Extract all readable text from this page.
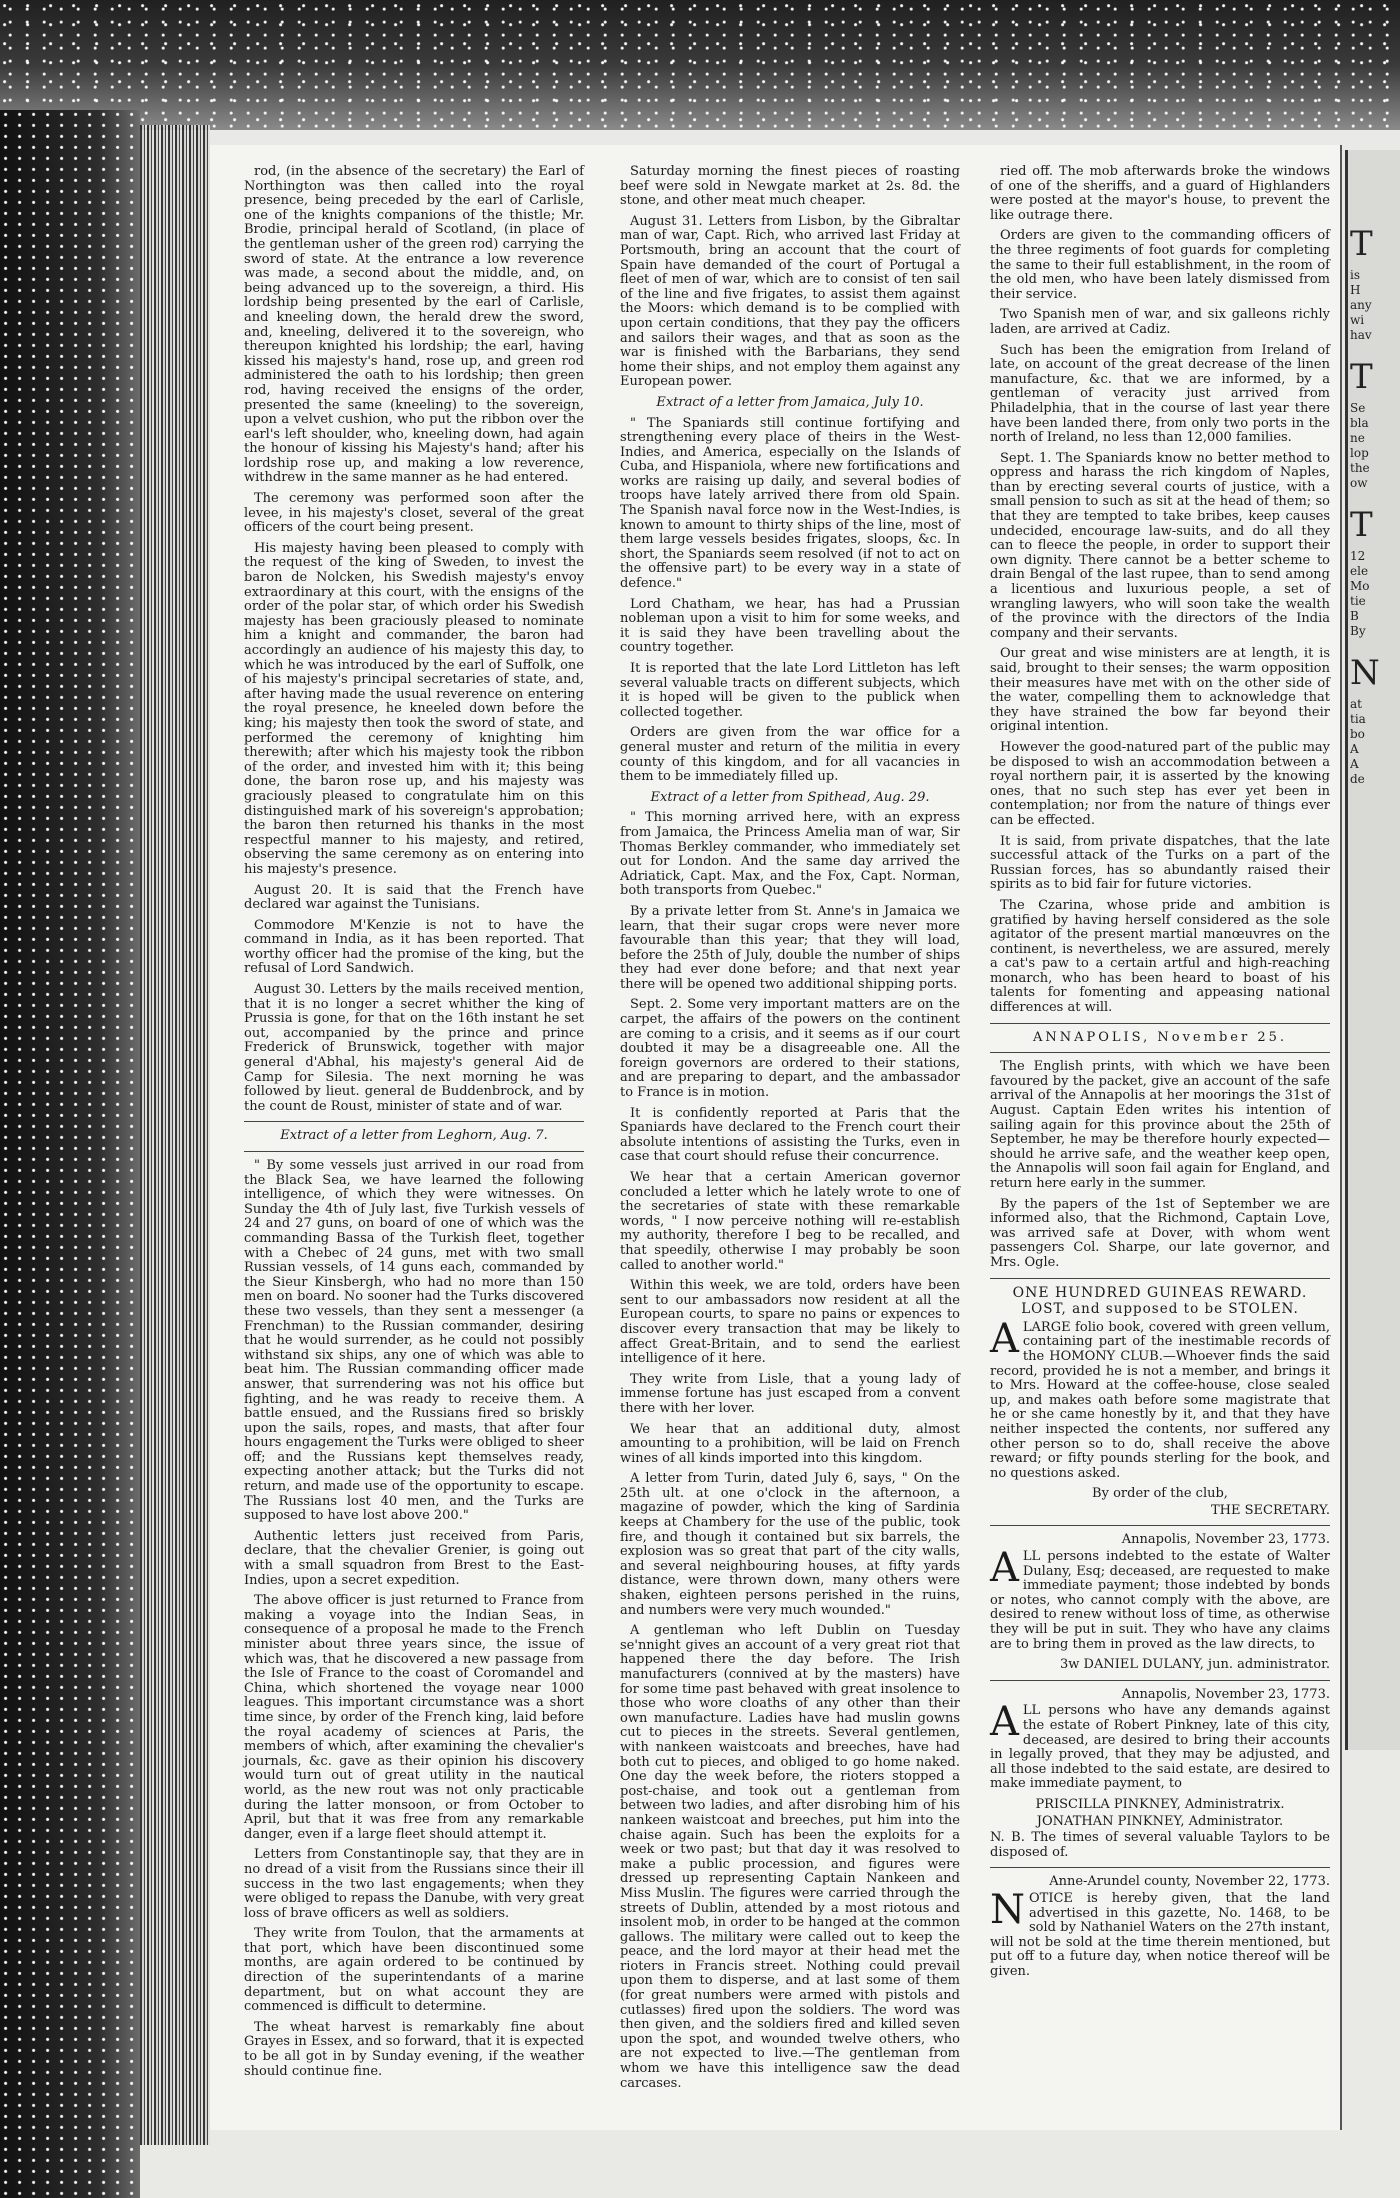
rod, (in the absence of the secretary) the Earl of Northington was then called into the royal presence, being preceded by the earl of Carlisle, one of the knights companions of the thistle; Mr. Brodie, principal herald of Scotland, (in place of the gentleman usher of the green rod) carrying the sword of state. At the entrance a low reverence was made, a second about the middle, and, on being advanced up to the sovereign, a third. His lordship being presented by the earl of Carlisle, and kneeling down, the herald drew the sword, and, kneeling, delivered it to the sovereign, who thereupon knighted his lordship; the earl, having kissed his majesty's hand, rose up, and green rod administered the oath to his lordship; then green rod, having received the ensigns of the order, presented the same (kneeling) to the sovereign, upon a velvet cushion, who put the ribbon over the earl's left shoulder, who, kneeling down, had again the honour of kissing his Majesty's hand; after his lordship rose up, and making a low reverence, withdrew in the same manner as he had entered.

The ceremony was performed soon after the levee, in his majesty's closet, several of the great officers of the court being present.

His majesty having been pleased to comply with the request of the king of Sweden, to invest the baron de Nolcken, his Swedish majesty's envoy extraordinary at this court, with the ensigns of the order of the polar star, of which order his Swedish majesty has been graciously pleased to nominate him a knight and commander, the baron had accordingly an audience of his majesty this day, to which he was introduced by the earl of Suffolk, one of his majesty's principal secretaries of state, and, after having made the usual reverence on entering the royal presence, he kneeled down before the king; his majesty then took the sword of state, and performed the ceremony of knighting him therewith; after which his majesty took the ribbon of the order, and invested him with it; this being done, the baron rose up, and his majesty was graciously pleased to congratulate him on this distinguished mark of his sovereign's approbation; the baron then returned his thanks in the most respectful manner to his majesty, and retired, observing the same ceremony as on entering into his majesty's presence.

August 20. It is said that the French have declared war against the Tunisians.

Commodore M'Kenzie is not to have the command in India, as it has been reported. That worthy officer had the promise of the king, but the refusal of Lord Sandwich.

August 30. Letters by the mails received mention, that it is no longer a secret whither the king of Prussia is gone, for that on the 16th instant he set out, accompanied by the prince and prince Frederick of Brunswick, together with major general d'Abhal, his majesty's general Aid de Camp for Silesia. The next morning he was followed by lieut. general de Buddenbrock, and by the count de Roust, minister of state and of war.

Extract of a letter from Leghorn, Aug. 7.

" By some vessels just arrived in our road from the Black Sea, we have learned the following intelligence, of which they were witnesses. On Sunday the 4th of July last, five Turkish vessels of 24 and 27 guns, on board of one of which was the commanding Bassa of the Turkish fleet, together with a Chebec of 24 guns, met with two small Russian vessels, of 14 guns each, commanded by the Sieur Kinsbergh, who had no more than 150 men on board. No sooner had the Turks discovered these two vessels, than they sent a messenger (a Frenchman) to the Russian commander, desiring that he would surrender, as he could not possibly withstand six ships, any one of which was able to beat him. The Russian commanding officer made answer, that surrendering was not his office but fighting, and he was ready to receive them. A battle ensued, and the Russians fired so briskly upon the sails, ropes, and masts, that after four hours engagement the Turks were obliged to sheer off; and the Russians kept themselves ready, expecting another attack; but the Turks did not return, and made use of the opportunity to escape. The Russians lost 40 men, and the Turks are supposed to have lost above 200."

Authentic letters just received from Paris, declare, that the chevalier Grenier, is going out with a small squadron from Brest to the East-Indies, upon a secret expedition.

The above officer is just returned to France from making a voyage into the Indian Seas, in consequence of a proposal he made to the French minister about three years since, the issue of which was, that he discovered a new passage from the Isle of France to the coast of Coromandel and China, which shortened the voyage near 1000 leagues. This important circumstance was a short time since, by order of the French king, laid before the royal academy of sciences at Paris, the members of which, after examining the chevalier's journals, &c. gave as their opinion his discovery would turn out of great utility in the nautical world, as the new rout was not only practicable during the latter monsoon, or from October to April, but that it was free from any remarkable danger, even if a large fleet should attempt it.

Letters from Constantinople say, that they are in no dread of a visit from the Russians since their ill success in the two last engagements; when they were obliged to repass the Danube, with very great loss of brave officers as well as soldiers.

They write from Toulon, that the armaments at that port, which have been discontinued some months, are again ordered to be continued by direction of the superintendants of a marine department, but on what account they are commenced is difficult to determine.

The wheat harvest is remarkably fine about Grayes in Essex, and so forward, that it is expected to be all got in by Sunday evening, if the weather should continue fine.

Saturday morning the finest pieces of roasting beef were sold in Newgate market at 2s. 8d. the stone, and other meat much cheaper.

August 31. Letters from Lisbon, by the Gibraltar man of war, Capt. Rich, who arrived last Friday at Portsmouth, bring an account that the court of Spain have demanded of the court of Portugal a fleet of men of war, which are to consist of ten sail of the line and five frigates, to assist them against the Moors: which demand is to be complied with upon certain conditions, that they pay the officers and sailors their wages, and that as soon as the war is finished with the Barbarians, they send home their ships, and not employ them against any European power.

Extract of a letter from Jamaica, July 10.

" The Spaniards still continue fortifying and strengthening every place of theirs in the West-Indies, and America, especially on the Islands of Cuba, and Hispaniola, where new fortifications and works are raising up daily, and several bodies of troops have lately arrived there from old Spain. The Spanish naval force now in the West-Indies, is known to amount to thirty ships of the line, most of them large vessels besides frigates, sloops, &c. In short, the Spaniards seem resolved (if not to act on the offensive part) to be every way in a state of defence."

Lord Chatham, we hear, has had a Prussian nobleman upon a visit to him for some weeks, and it is said they have been travelling about the country together.

It is reported that the late Lord Littleton has left several valuable tracts on different subjects, which it is hoped will be given to the publick when collected together.

Orders are given from the war office for a general muster and return of the militia in every county of this kingdom, and for all vacancies in them to be immediately filled up.

Extract of a letter from Spithead, Aug. 29.

" This morning arrived here, with an express from Jamaica, the Princess Amelia man of war, Sir Thomas Berkley commander, who immediately set out for London. And the same day arrived the Adriatick, Capt. Max, and the Fox, Capt. Norman, both transports from Quebec."

By a private letter from St. Anne's in Jamaica we learn, that their sugar crops were never more favourable than this year; that they will load, before the 25th of July, double the number of ships they had ever done before; and that next year there will be opened two additional shipping ports.

Sept. 2. Some very important matters are on the carpet, the affairs of the powers on the continent are coming to a crisis, and it seems as if our court doubted it may be a disagreeable one. All the foreign governors are ordered to their stations, and are preparing to depart, and the ambassador to France is in motion.

It is confidently reported at Paris that the Spaniards have declared to the French court their absolute intentions of assisting the Turks, even in case that court should refuse their concurrence.

We hear that a certain American governor concluded a letter which he lately wrote to one of the secretaries of state with these remarkable words, " I now perceive nothing will re-establish my authority, therefore I beg to be recalled, and that speedily, otherwise I may probably be soon called to another world."

Within this week, we are told, orders have been sent to our ambassadors now resident at all the European courts, to spare no pains or expences to discover every transaction that may be likely to affect Great-Britain, and to send the earliest intelligence of it here.

They write from Lisle, that a young lady of immense fortune has just escaped from a convent there with her lover.

We hear that an additional duty, almost amounting to a prohibition, will be laid on French wines of all kinds imported into this kingdom.

A letter from Turin, dated July 6, says, " On the 25th ult. at one o'clock in the afternoon, a magazine of powder, which the king of Sardinia keeps at Chambery for the use of the public, took fire, and though it contained but six barrels, the explosion was so great that part of the city walls, and several neighbouring houses, at fifty yards distance, were thrown down, many others were shaken, eighteen persons perished in the ruins, and numbers were very much wounded."

A gentleman who left Dublin on Tuesday se'nnight gives an account of a very great riot that happened there the day before. The Irish manufacturers (connived at by the masters) have for some time past behaved with great insolence to those who wore cloaths of any other than their own manufacture. Ladies have had muslin gowns cut to pieces in the streets. Several gentlemen, with nankeen waistcoats and breeches, have had both cut to pieces, and obliged to go home naked. One day the week before, the rioters stopped a post-chaise, and took out a gentleman from between two ladies, and after disrobing him of his nankeen waistcoat and breeches, put him into the chaise again. Such has been the exploits for a week or two past; but that day it was resolved to make a public procession, and figures were dressed up representing Captain Nankeen and Miss Muslin. The figures were carried through the streets of Dublin, attended by a most riotous and insolent mob, in order to be hanged at the common gallows. The military were called out to keep the peace, and the lord mayor at their head met the rioters in Francis street. Nothing could prevail upon them to disperse, and at last some of them (for great numbers were armed with pistols and cutlasses) fired upon the soldiers. The word was then given, and the soldiers fired and killed seven upon the spot, and wounded twelve others, who are not expected to live.—The gentleman from whom we have this intelligence saw the dead carcases.

ried off. The mob afterwards broke the windows of one of the sheriffs, and a guard of Highlanders were posted at the mayor's house, to prevent the like outrage there.

Orders are given to the commanding officers of the three regiments of foot guards for completing the same to their full establishment, in the room of the old men, who have been lately dismissed from their service.

Two Spanish men of war, and six galleons richly laden, are arrived at Cadiz.

Such has been the emigration from Ireland of late, on account of the great decrease of the linen manufacture, &c. that we are informed, by a gentleman of veracity just arrived from Philadelphia, that in the course of last year there have been landed there, from only two ports in the north of Ireland, no less than 12,000 families.

Sept. 1. The Spaniards know no better method to oppress and harass the rich kingdom of Naples, than by erecting several courts of justice, with a small pension to such as sit at the head of them; so that they are tempted to take bribes, keep causes undecided, encourage law-suits, and do all they can to fleece the people, in order to support their own dignity. There cannot be a better scheme to drain Bengal of the last rupee, than to send among a licentious and luxurious people, a set of wrangling lawyers, who will soon take the wealth of the province with the directors of the India company and their servants.

Our great and wise ministers are at length, it is said, brought to their senses; the warm opposition their measures have met with on the other side of the water, compelling them to acknowledge that they have strained the bow far beyond their original intention.

However the good-natured part of the public may be disposed to wish an accommodation between a royal northern pair, it is asserted by the knowing ones, that no such step has ever yet been in contemplation; nor from the nature of things ever can be effected.

It is said, from private dispatches, that the late successful attack of the Turks on a part of the Russian forces, has so abundantly raised their spirits as to bid fair for future victories.

The Czarina, whose pride and ambition is gratified by having herself considered as the sole agitator of the present martial manœuvres on the continent, is nevertheless, we are assured, merely a cat's paw to a certain artful and high-reaching monarch, who has been heard to boast of his talents for fomenting and appeasing national differences at will.

ANNAPOLIS, November 25.

The English prints, with which we have been favoured by the packet, give an account of the safe arrival of the Annapolis at her moorings the 31st of August. Captain Eden writes his intention of sailing again for this province about the 25th of September, he may be therefore hourly expected—should he arrive safe, and the weather keep open, the Annapolis will soon fail again for England, and return here early in the summer.

By the papers of the 1st of September we are informed also, that the Richmond, Captain Love, was arrived safe at Dover, with whom went passengers Col. Sharpe, our late governor, and Mrs. Ogle.

ONE HUNDRED GUINEAS REWARD.
LOST, and supposed to be STOLEN.

ALARGE folio book, covered with green vellum, containing part of the inestimable records of the HOMONY CLUB.—Whoever finds the said record, provided he is not a member, and brings it to Mrs. Howard at the coffee-house, close sealed up, and makes oath before some magistrate that he or she came honestly by it, and that they have neither inspected the contents, nor suffered any other person so to do, shall receive the above reward; or fifty pounds sterling for the book, and no questions asked.

By order of the club,
THE SECRETARY.
Annapolis, November 23, 1773.

ALL persons indebted to the estate of Walter Dulany, Esq; deceased, are requested to make immediate payment; those indebted by bonds or notes, who cannot comply with the above, are desired to renew without loss of time, as otherwise they will be put in suit. They who have any claims are to bring them in proved as the law directs, to

3w DANIEL DULANY, jun. administrator.
Annapolis, November 23, 1773.

ALL persons who have any demands against the estate of Robert Pinkney, late of this city, deceased, are desired to bring their accounts in legally proved, that they may be adjusted, and all those indebted to the said estate, are desired to make immediate payment, to

PRISCILLA PINKNEY, Administratrix.
JONATHAN PINKNEY, Administrator.

N. B. The times of several valuable Taylors to be disposed of.

Anne-Arundel county, November 22, 1773.

NOTICE is hereby given, that the land advertised in this gazette, No. 1468, to be sold by Nathaniel Waters on the 27th instant, will not be sold at the time therein mentioned, but put off to a future day, when notice thereof will be given.

T
is
H
any
wi
hav
T
Se
bla
ne
lop
the
ow
T
12
ele
Mo
tie
B
By
N
at
tia
bo
A
A
de
